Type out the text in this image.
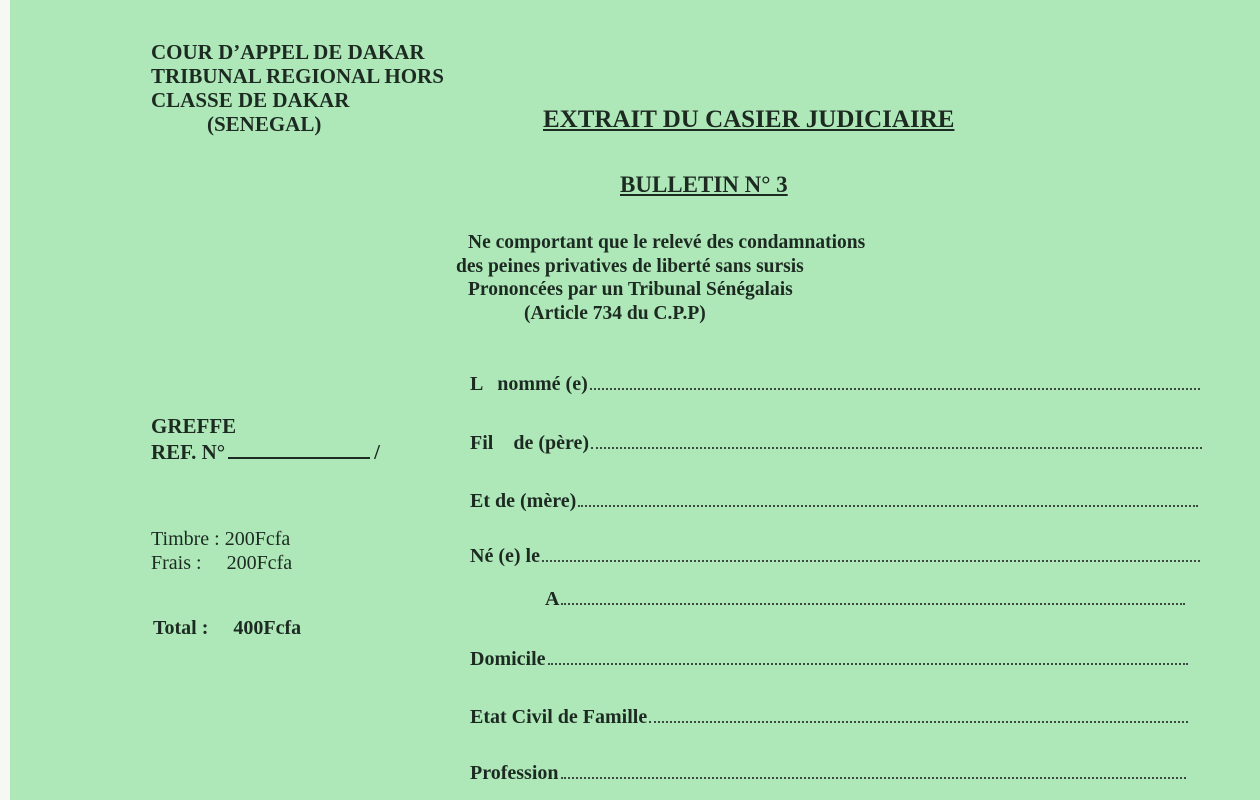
COUR D’APPEL DE DAKAR
TRIBUNAL REGIONAL HORS
CLASSE DE DAKAR
(SENEGAL)	EXTRAIT DU CASIER JUDICIAIRE
BULLETIN N° 3
Ne comportant que le relevé des condamnations
des peines privatives de liberté sans sursis
Prononcées par un Tribunal Sénégalais
(Article 734 du C.P.P)
GREFFE
REF. N°	/
Timbre : 200Fcfa
Frais : 200Fcfa
Total : 400Fcfa
L   nommé (e)
Fil    de (père)
Et de (mère)
Né (e) le
A
Domicile
Etat Civil de Famille
Profession
